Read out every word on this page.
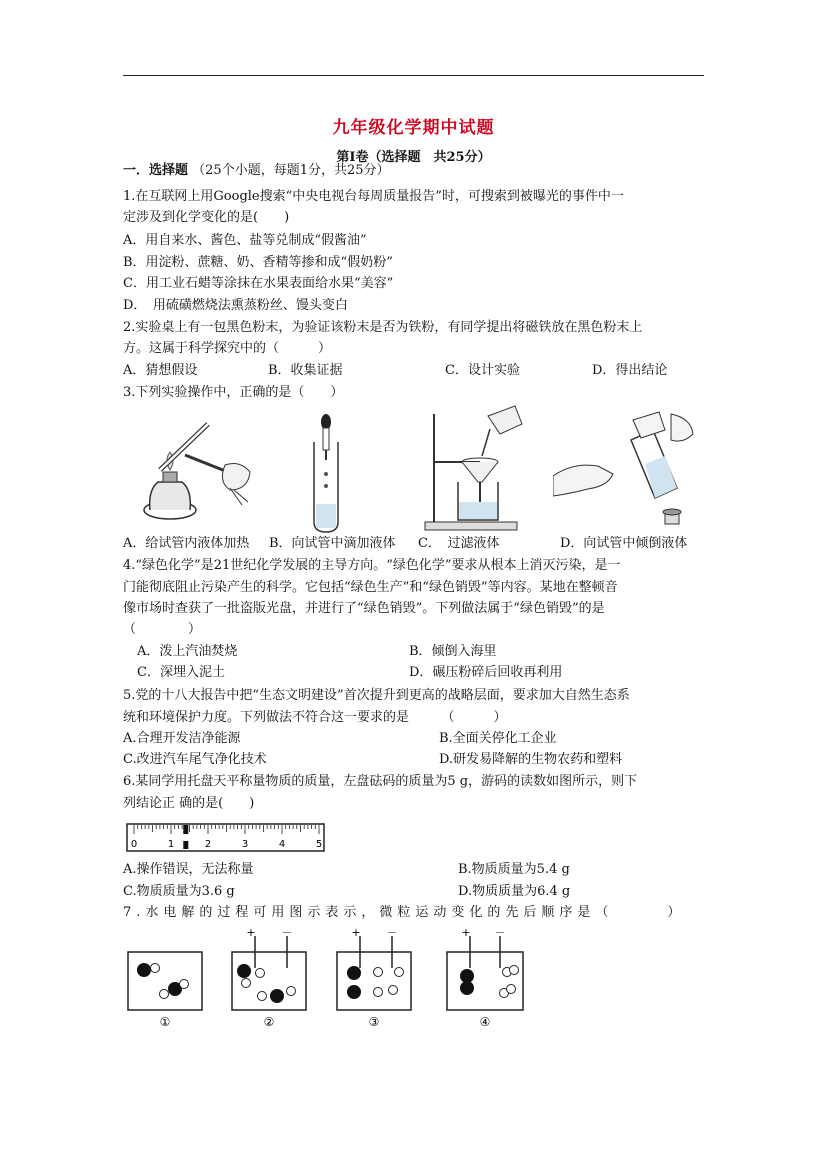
九年级化学期中试题
第Ⅰ卷（选择题　共25分）
一．选择题 （25个小题，每题1分，共25分）
1.在互联网上用Google搜索“中央电视台每周质量报告”时，可搜索到被曝光的事件中一
定涉及到化学变化的是(　　)
A．用自来水、酱色、盐等兑制成“假酱油”
B．用淀粉、蔗糖、奶、香精等掺和成“假奶粉”
C．用工业石蜡等涂抹在水果表面给水果“美容”
D．　用硫磺燃烧法熏蒸粉丝、馒头变白
2.实验桌上有一包黑色粉末，为验证该粉末是否为铁粉，有同学提出将磁铁放在黑色粉末上
方。这属于科学探究中的（　　　）
A．猜想假设	B．收集证据	C．设计实验	D．得出结论
3.下列实验操作中，正确的是（　　）
A．给试管内液体加热 B．向试管中滴加液体 C．　过滤液体	D．向试管中倾倒液体
4.“绿色化学”是21世纪化学发展的主导方向。“绿色化学”要求从根本上消灭污染，是一
门能彻底阻止污染产生的科学。它包括“绿色生产”和“绿色销毁”等内容。某地在整顿音
像市场时查获了一批盗版光盘，并进行了“绿色销毁”。下列做法属于“绿色销毁”的是
（　　　　）
A．泼上汽油焚烧	B．倾倒入海里
C．深埋入泥土	D．碾压粉碎后回收再利用
5.党的十八大报告中把“生态文明建设”首次提升到更高的战略层面，要求加大自然生态系
统和环境保护力度。下列做法不符合这一要求的是　　　（　　　）
A.合理开发洁净能源	B.全面关停化工企业
C.改进汽车尾气净化技术	D.研发易降解的生物农药和塑料
6.某同学用托盘天平称量物质的质量，左盘砝码的质量为5 g，游码的读数如图所示，则下
列结论正 确的是(　　)
0	1	2	3	4	5
A.操作错误，无法称量	B.物质质量为5.4 g
C.物质质量为3.6 g	D.物质质量为6.4 g
7.水电解的过程可用图示表示，微粒运动变化的先后顺序是（　　　）
①
+ －
②
+ －
③
+ －
④
